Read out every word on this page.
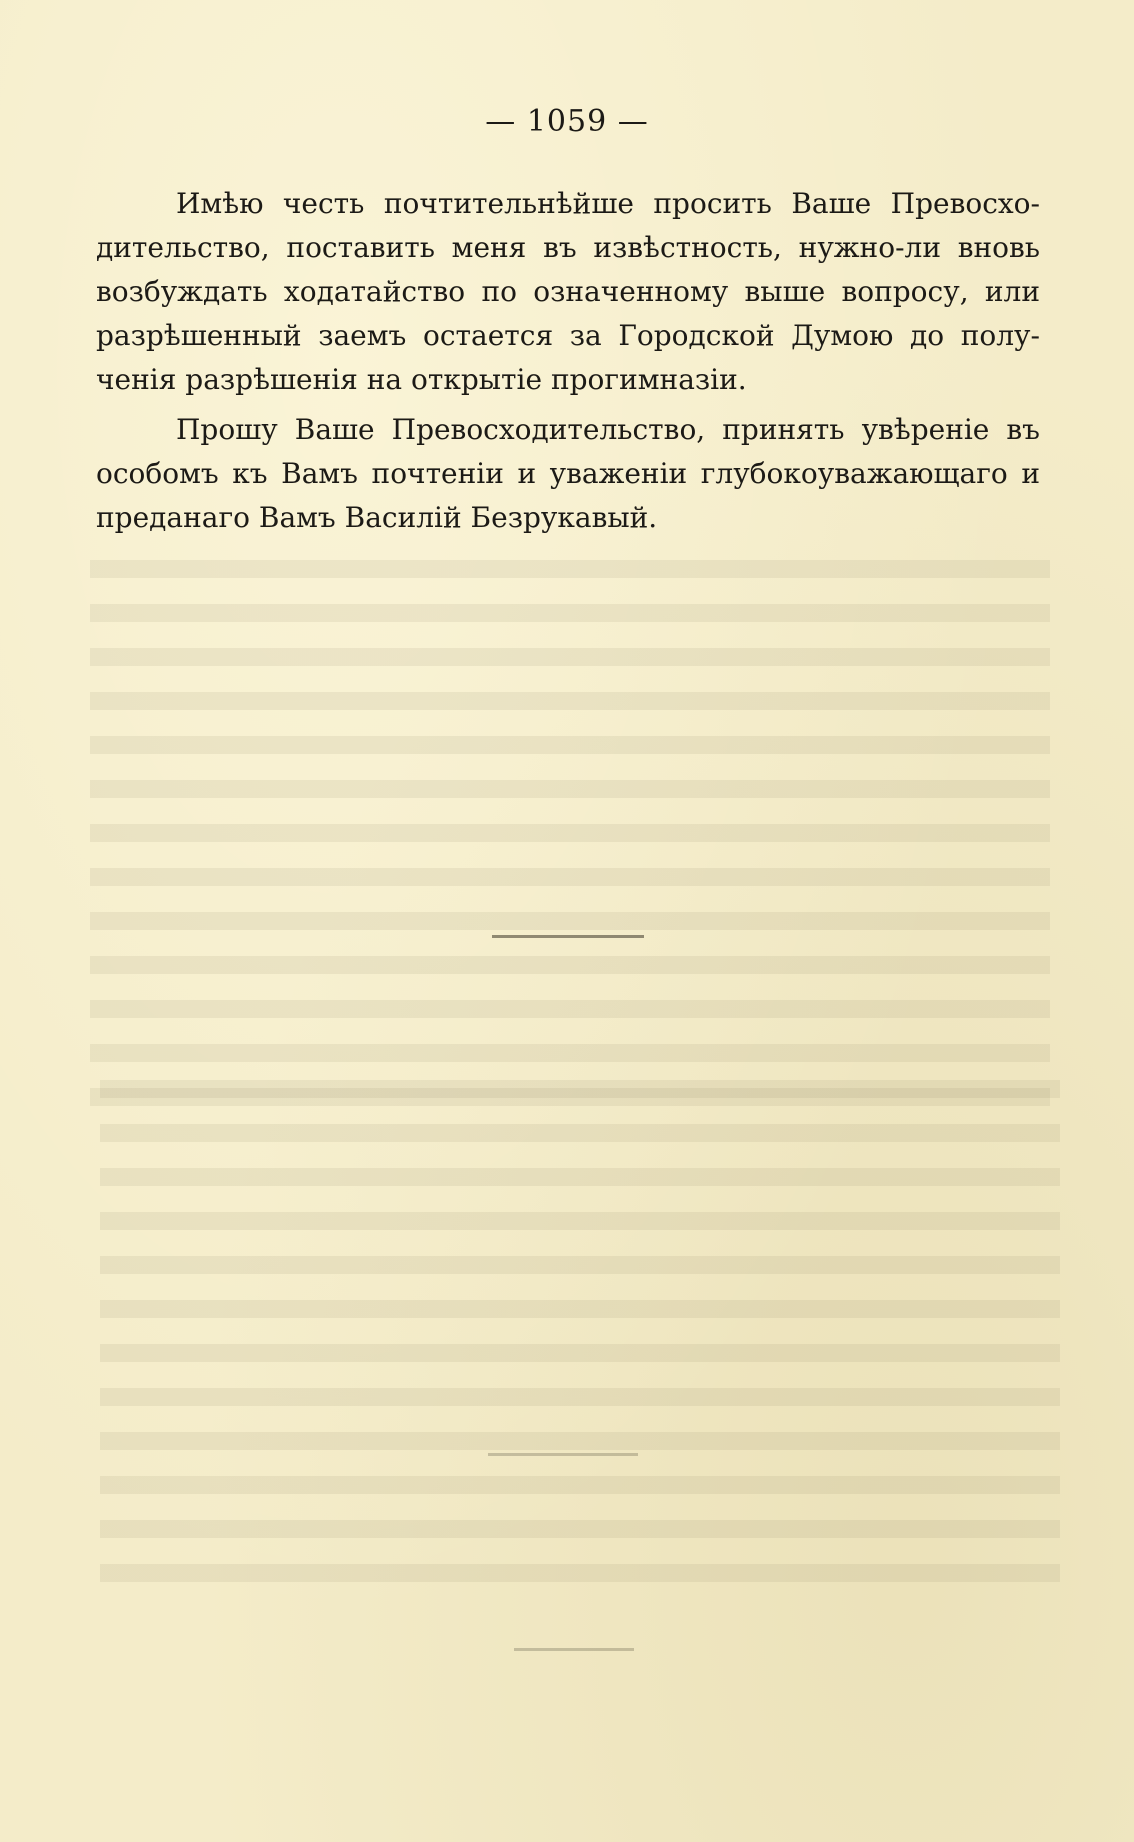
— 1059 —

Имѣю честь почтительнѣйше просить Ваше Превосхо- дительство, поставить меня въ извѣстность, нужно-ли вновь возбуждать ходатайство по означенному выше вопросу, или разрѣшенный заемъ остается за Городской Думою до полу- ченія разрѣшенія на открытіе прогимназіи.

Прошу Ваше Превосходительство, принять увѣреніе въ особомъ къ Вамъ почтеніи и уваженіи глубокоуважающаго и преданаго Вамъ Василій Безрукавый.
